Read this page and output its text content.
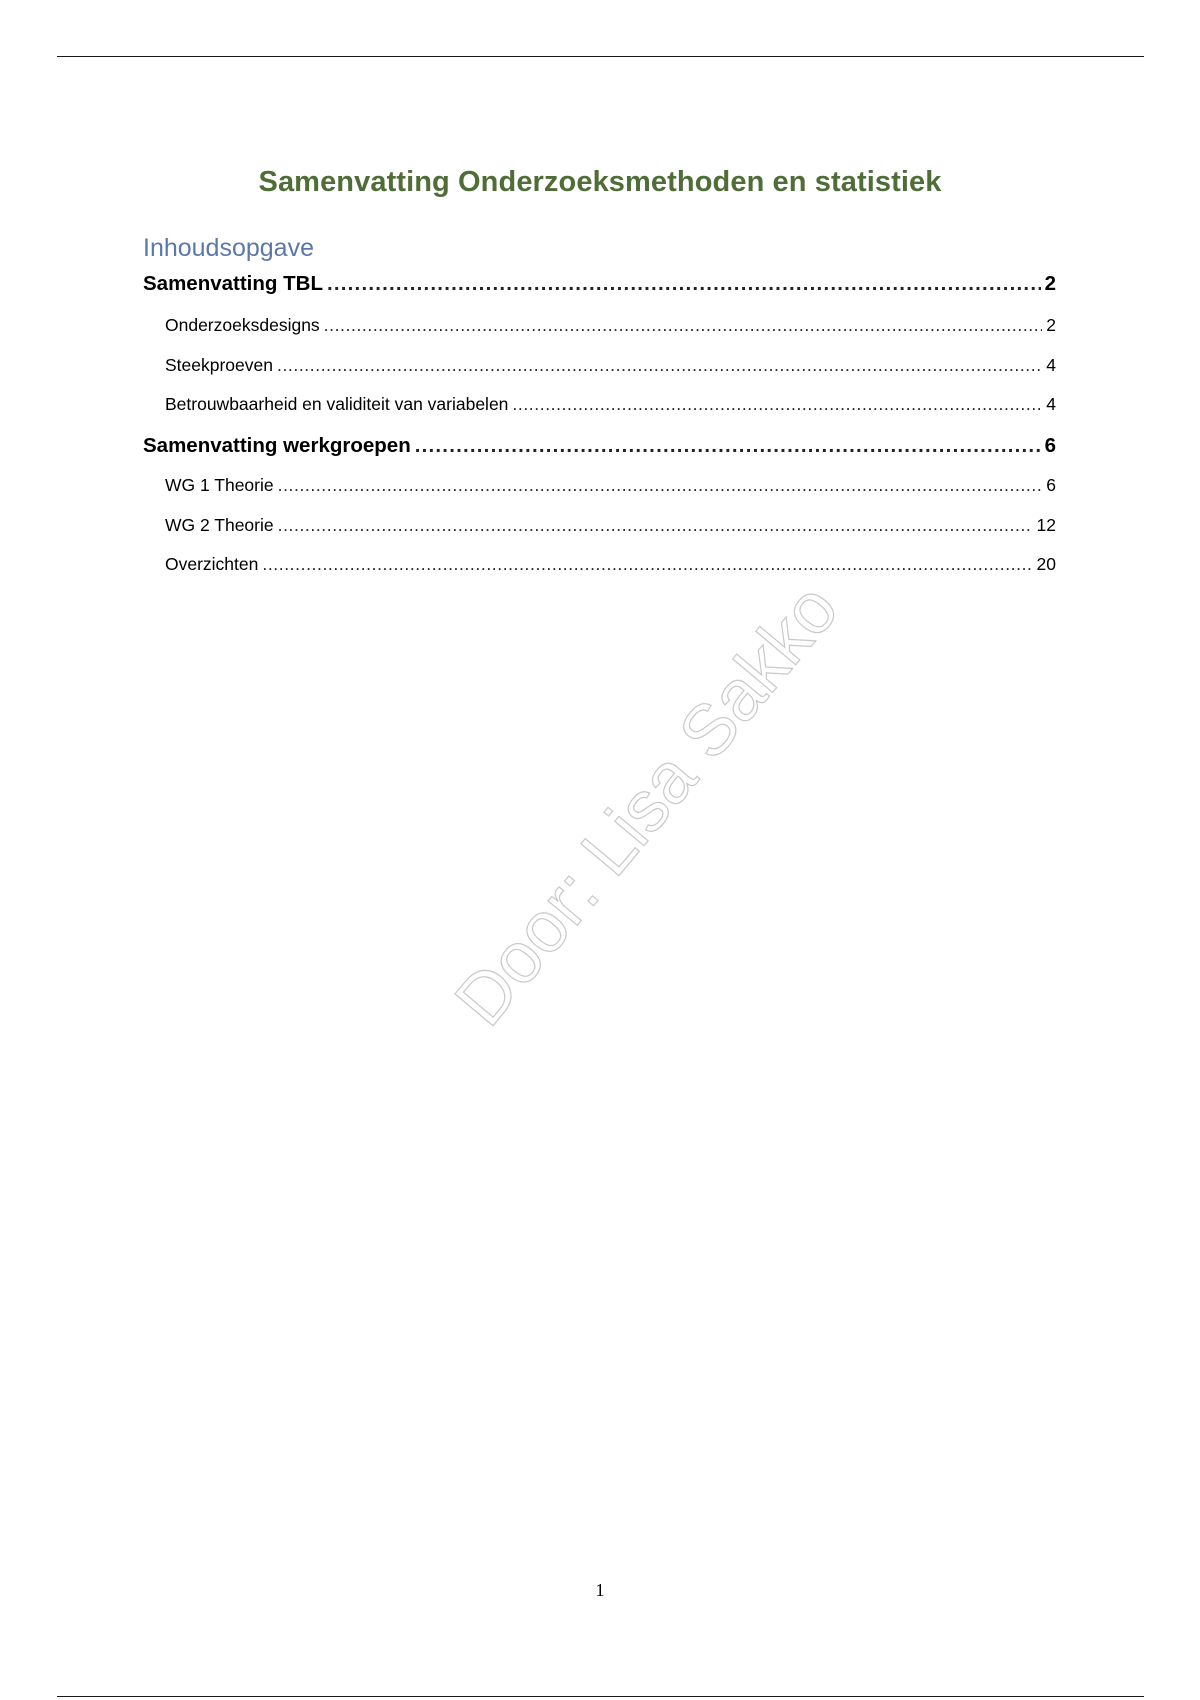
Samenvatting Onderzoeksmethoden en statistiek
Inhoudsopgave
Samenvatting TBL .....	2
Onderzoeksdesigns .....	2
Steekproeven .....	4
Betrouwbaarheid en validiteit van variabelen .....	4
Samenvatting werkgroepen .....	6
WG 1 Theorie .....	6
WG 2 Theorie .....	12
Overzichten .....	20
Door: Lisa Sakko
1
